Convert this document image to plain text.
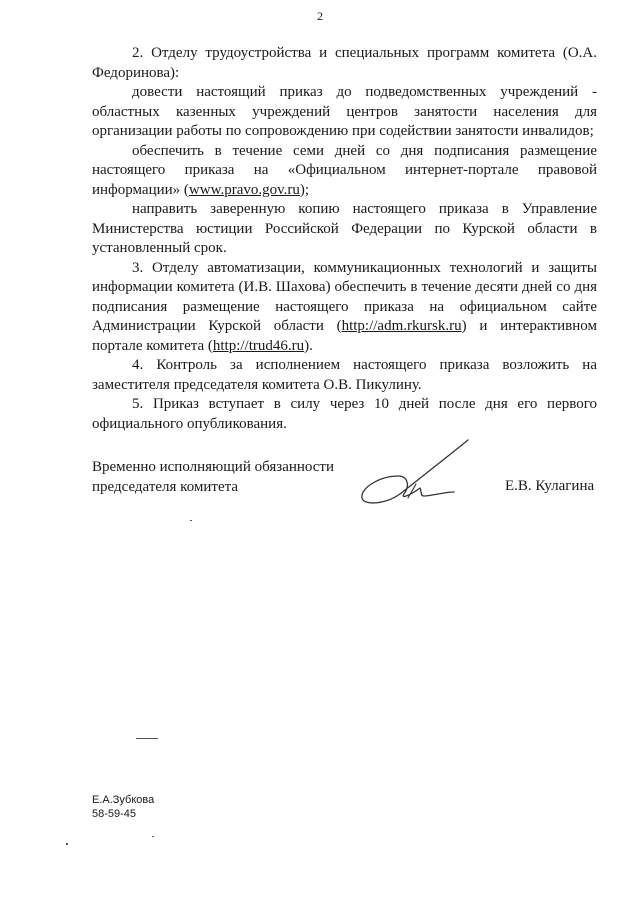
2

2. Отделу трудоустройства и специальных программ комитета (О.А. Федоринова):

довести настоящий приказ до подведомственных учреждений - областных казенных учреждений центров занятости населения для организации работы по сопровождению при содействии занятости инвалидов;

обеспечить в течение семи дней со дня подписания размещение настоящего приказа на «Официальном интернет-портале правовой информации» (www.pravo.gov.ru);

направить заверенную копию настоящего приказа в Управление Министерства юстиции Российской Федерации по Курской области в установленный срок.

3. Отделу автоматизации, коммуникационных технологий и защиты информации комитета (И.В. Шахова) обеспечить в течение десяти дней со дня подписания размещение настоящего приказа на официальном сайте Администрации Курской области (http://adm.rkursk.ru) и интерактивном портале комитета (http://trud46.ru).

4. Контроль за исполнением настоящего приказа возложить на заместителя председателя комитета О.В. Пикулину.

5. Приказ вступает в силу через 10 дней после дня его первого официального опубликования.

Временно исполняющий обязанности
председателя комитета	Е.В. Кулагина
Е.А.Зубкова
58-59-45
